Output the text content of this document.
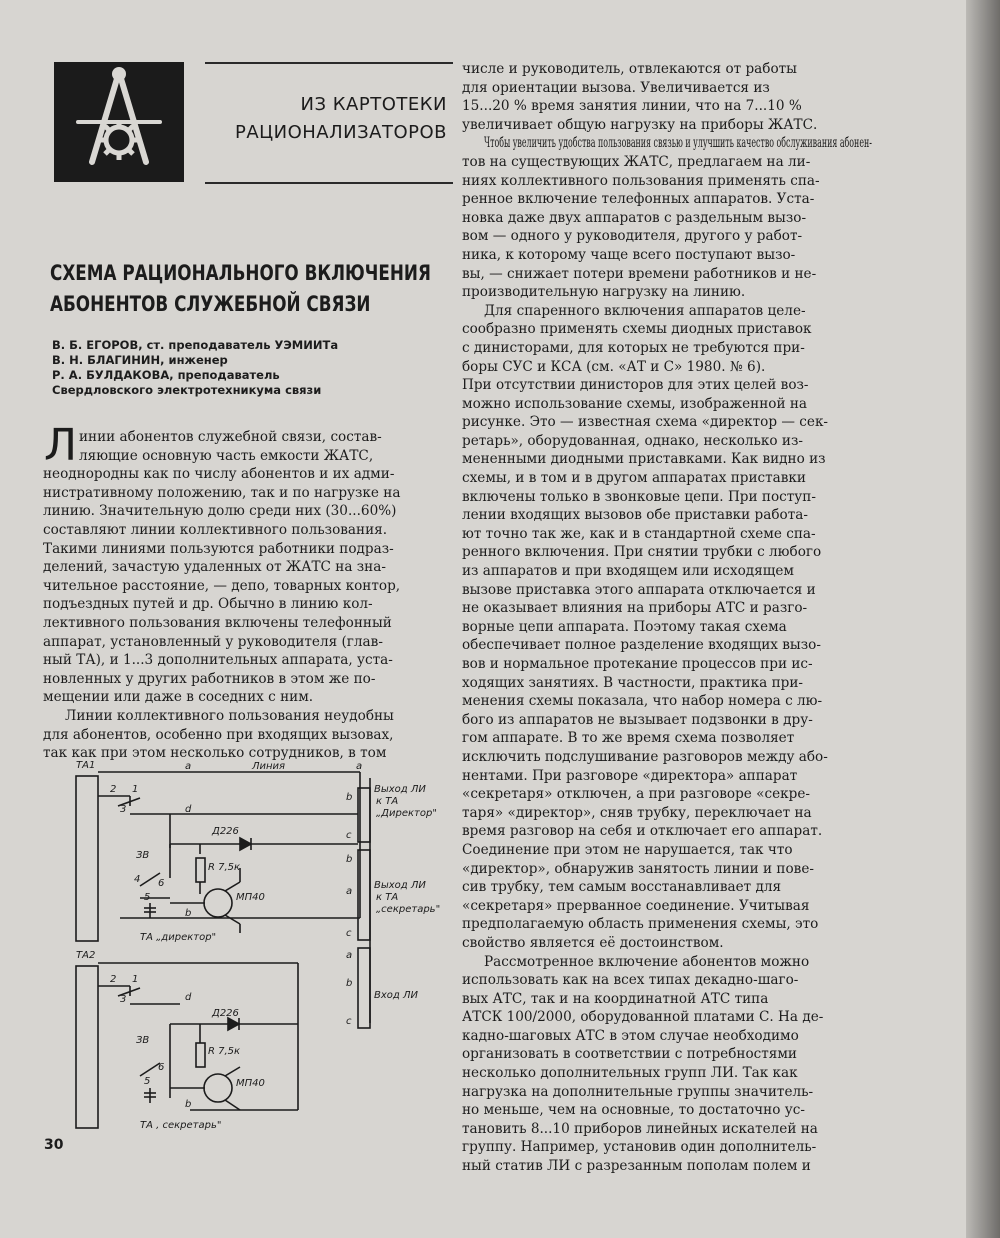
ИЗ КАРТОТЕКИ
РАЦИОНАЛИЗАТОРОВ
СХЕМА РАЦИОНАЛЬНОГО ВКЛЮЧЕНИЯ
АБОНЕНТОВ СЛУЖЕБНОЙ СВЯЗИ
В. Б. ЕГОРОВ, ст. преподаватель УЭМИИТа
В. Н. БЛАГИНИН, инженер
Р. А. БУЛДАКОВА, преподаватель
Свердловского электротехникума связи
Л инии абонентов служебной связи, состав-
ляющие основную часть емкости ЖАТС,
неоднородны как по числу абонентов и их адми-
нистративному положению, так и по нагрузке на
линию. Значительную долю среди них (30...60%)
составляют линии коллективного пользования.
Такими линиями пользуются работники подраз-
делений, зачастую удаленных от ЖАТС на зна-
чительное расстояние, — депо, товарных контор,
подъездных путей и др. Обычно в линию кол-
лективного пользования включены телефонный
аппарат, установленный у руководителя (глав-
ный ТА), и 1...3 дополнительных аппарата, уста-
новленных у других работников в этом же по-
мещении или даже в соседних с ним.
Линии коллективного пользования неудобны
для абонентов, особенно при входящих вызовах,
так как при этом несколько сотрудников, в том
ТА1
ТА2
Линия
a	a
d
d
b
b
b
c
b
a
c
a
b
c
2 1
3
2 1
3
4 6
5
6
5
ЗВ
ЗВ
Д226
Д226
R 7,5к
R 7,5к
МП40
МП40
Выход ЛИ
к ТА
„Директор"
Выход ЛИ
к ТА
„секретарь"
Вход ЛИ
ТА „директор"
ТА , секретарь"
числе и руководитель, отвлекаются от работы
для ориентации вызова. Увеличивается из
15...20 % время занятия линии, что на 7...10 %
увеличивает общую нагрузку на приборы ЖАТС.
Чтобы увеличить удобства пользования связью и улучшить качество обслуживания абонен-
тов на существующих ЖАТС, предлагаем на ли-
ниях коллективного пользования применять спа-
ренное включение телефонных аппаратов. Уста-
новка даже двух аппаратов с раздельным вызо-
вом — одного у руководителя, другого у работ-
ника, к которому чаще всего поступают вызо-
вы, — снижает потери времени работников и не-
производительную нагрузку на линию.
Для спаренного включения аппаратов целе-
сообразно применять схемы диодных приставок
с динисторами, для которых не требуются при-
боры СУС и КСА (см. «АТ и С» 1980. № 6).
При отсутствии динисторов для этих целей воз-
можно использование схемы, изображенной на
рисунке. Это — известная схема «директор — сек-
ретарь», оборудованная, однако, несколько из-
мененными диодными приставками. Как видно из
схемы, и в том и в другом аппаратах приставки
включены только в звонковые цепи. При поступ-
лении входящих вызовов обе приставки работа-
ют точно так же, как и в стандартной схеме спа-
ренного включения. При снятии трубки с любого
из аппаратов и при входящем или исходящем
вызове приставка этого аппарата отключается и
не оказывает влияния на приборы АТС и разго-
ворные цепи аппарата. Поэтому такая схема
обеспечивает полное разделение входящих вызо-
вов и нормальное протекание процессов при ис-
ходящих занятиях. В частности, практика при-
менения схемы показала, что набор номера с лю-
бого из аппаратов не вызывает подзвонки в дру-
гом аппарате. В то же время схема позволяет
исключить подслушивание разговоров между або-
нентами. При разговоре «директора» аппарат
«секретаря» отключен, а при разговоре «секре-
таря» «директор», сняв трубку, переключает на
время разговор на себя и отключает его аппарат.
Соединение при этом не нарушается, так что
«директор», обнаружив занятость линии и пове-
сив трубку, тем самым восстанавливает для
«секретаря» прерванное соединение. Учитывая
предполагаемую область применения схемы, это
свойство является её достоинством.
Рассмотренное включение абонентов можно
использовать как на всех типах декадно-шаго-
вых АТС, так и на координатной АТС типа
АТСК 100/2000, оборудованной платами С. На де-
кадно-шаговых АТС в этом случае необходимо
организовать в соответствии с потребностями
несколько дополнительных групп ЛИ. Так как
нагрузка на дополнительные группы значитель-
но меньше, чем на основные, то достаточно ус-
тановить 8...10 приборов линейных искателей на
группу. Например, установив один дополнитель-
ный статив ЛИ с разрезанным пополам полем и
30
